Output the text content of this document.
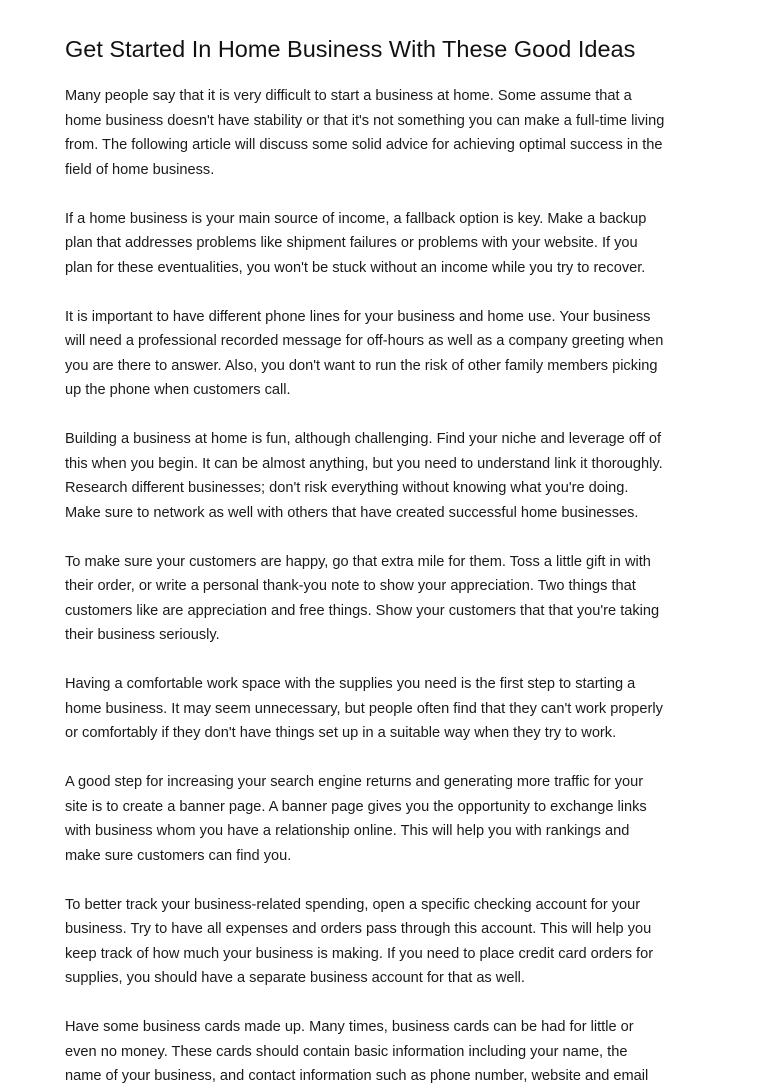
Get Started In Home Business With These Good Ideas
Many people say that it is very difficult to start a business at home. Some assume that a
home business doesn't have stability or that it's not something you can make a full-time living
from. The following article will discuss some solid advice for achieving optimal success in the
field of home business.
If a home business is your main source of income, a fallback option is key. Make a backup
plan that addresses problems like shipment failures or problems with your website. If you
plan for these eventualities, you won't be stuck without an income while you try to recover.
It is important to have different phone lines for your business and home use. Your business
will need a professional recorded message for off-hours as well as a company greeting when
you are there to answer. Also, you don't want to run the risk of other family members picking
up the phone when customers call.
Building a business at home is fun, although challenging. Find your niche and leverage off of
this when you begin. It can be almost anything, but you need to understand link it thoroughly.
Research different businesses; don't risk everything without knowing what you're doing.
Make sure to network as well with others that have created successful home businesses.
To make sure your customers are happy, go that extra mile for them. Toss a little gift in with
their order, or write a personal thank-you note to show your appreciation. Two things that
customers like are appreciation and free things. Show your customers that that you're taking
their business seriously.
Having a comfortable work space with the supplies you need is the first step to starting a
home business. It may seem unnecessary, but people often find that they can't work properly
or comfortably if they don't have things set up in a suitable way when they try to work.
A good step for increasing your search engine returns and generating more traffic for your
site is to create a banner page. A banner page gives you the opportunity to exchange links
with business whom you have a relationship online. This will help you with rankings and
make sure customers can find you.
To better track your business-related spending, open a specific checking account for your
business. Try to have all expenses and orders pass through this account. This will help you
keep track of how much your business is making. If you need to place credit card orders for
supplies, you should have a separate business account for that as well.
Have some business cards made up. Many times, business cards can be had for little or
even no money. These cards should contain basic information including your name, the
name of your business, and contact information such as phone number, website and email
